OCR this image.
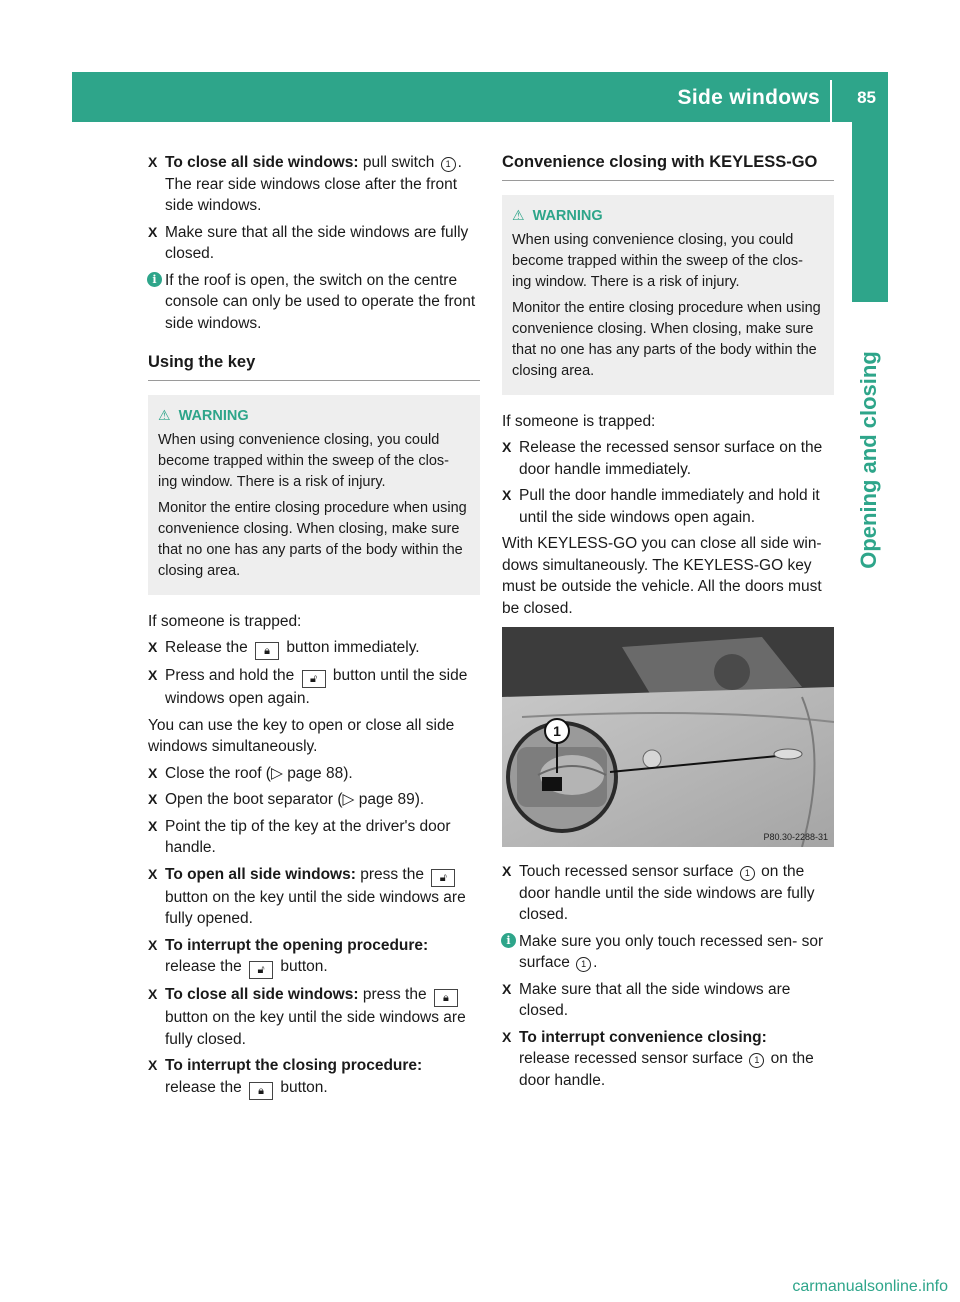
Side windows 85
Opening and closing
X To close all side windows: pull switch 1 . The rear side windows close after the front side windows.
X Make sure that all the side windows are fully closed.
i If the roof is open, the switch on the centre console can only be used to operate the front side windows.
Using the key
⚠ WARNING

When using convenience closing, you could become trapped within the sweep of the clos- ing window. There is a risk of injury.

Monitor the entire closing procedure when using convenience closing. When closing, make sure that no one has any parts of the body within the closing area.

If someone is trapped:

X Release the 🔒︎ button immediately.
X Press and hold the 🔓︎ button until the side windows open again.

You can use the key to open or close all side windows simultaneously.

X Close the roof (▷ page 88).
X Open the boot separator (▷ page 89).
X Point the tip of the key at the driver's door handle.
X To open all side windows: press the 🔓︎ button on the key until the side windows are fully opened.
X To interrupt the opening procedure:
release the 🔓︎ button.
X To close all side windows: press the 🔒︎ button on the key until the side windows are fully closed.
X To interrupt the closing procedure:
release the 🔒︎ button.
Convenience closing with KEYLESS-GO
⚠ WARNING

When using convenience closing, you could become trapped within the sweep of the clos- ing window. There is a risk of injury.

Monitor the entire closing procedure when using convenience closing. When closing, make sure that no one has any parts of the body within the closing area.

If someone is trapped:

X Release the recessed sensor surface on the door handle immediately.
X Pull the door handle immediately and hold it until the side windows open again.

With KEYLESS-GO you can close all side win- dows simultaneously. The KEYLESS-GO key must be outside the vehicle. All the doors must be closed.

1
P80.30-2288-31
X Touch recessed sensor surface 1 on the door handle until the side windows are fully closed.
i Make sure you only touch recessed sen- sor surface 1 .
X Make sure that all the side windows are closed.
X To interrupt convenience closing:
release recessed sensor surface 1 on the door handle.
carmanualsonline.info
